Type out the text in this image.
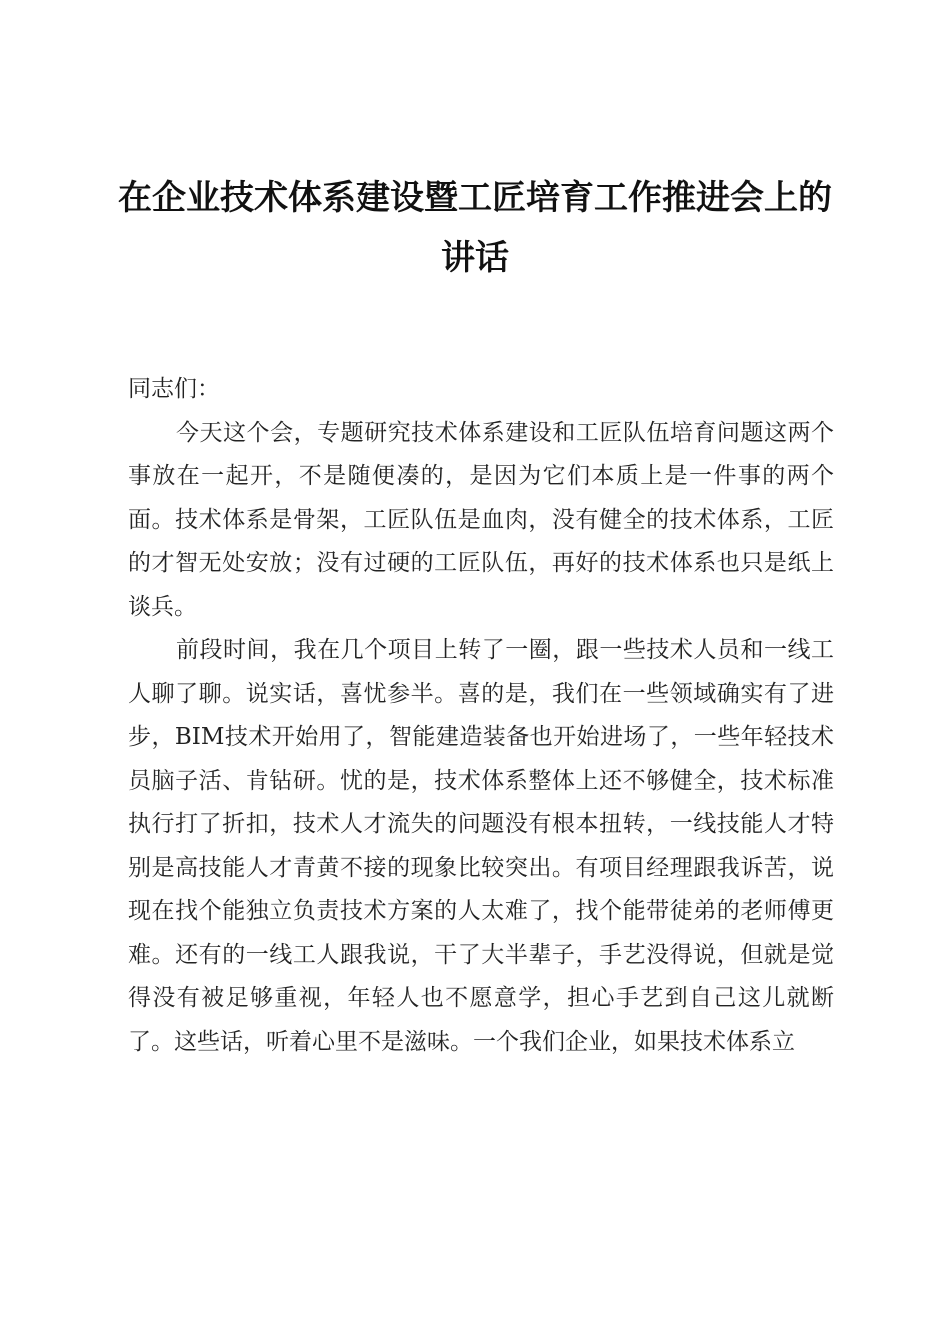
在企业技术体系建设暨工匠培育工作推进会上的讲话

同志们：

今天这个会，专题研究技术体系建设和工匠队伍培育问题这两个事放在一起开，不是随便凑的，是因为它们本质上是一件事的两个面。技术体系是骨架，工匠队伍是血肉，没有健全的技术体系，工匠的才智无处安放；没有过硬的工匠队伍，再好的技术体系也只是纸上谈兵。

前段时间，我在几个项目上转了一圈，跟一些技术人员和一线工人聊了聊。说实话，喜忧参半。喜的是，我们在一些领域确实有了进步，BIM技术开始用了，智能建造装备也开始进场了，一些年轻技术员脑子活、肯钻研。忧的是，技术体系整体上还不够健全，技术标准执行打了折扣，技术人才流失的问题没有根本扭转，一线技能人才特别是高技能人才青黄不接的现象比较突出。有项目经理跟我诉苦，说现在找个能独立负责技术方案的人太难了，找个能带徒弟的老师傅更难。还有的一线工人跟我说，干了大半辈子，手艺没得说，但就是觉得没有被足够重视，年轻人也不愿意学，担心手艺到自己这儿就断了。这些话，听着心里不是滋味。一个我们企业，如果技术体系立
